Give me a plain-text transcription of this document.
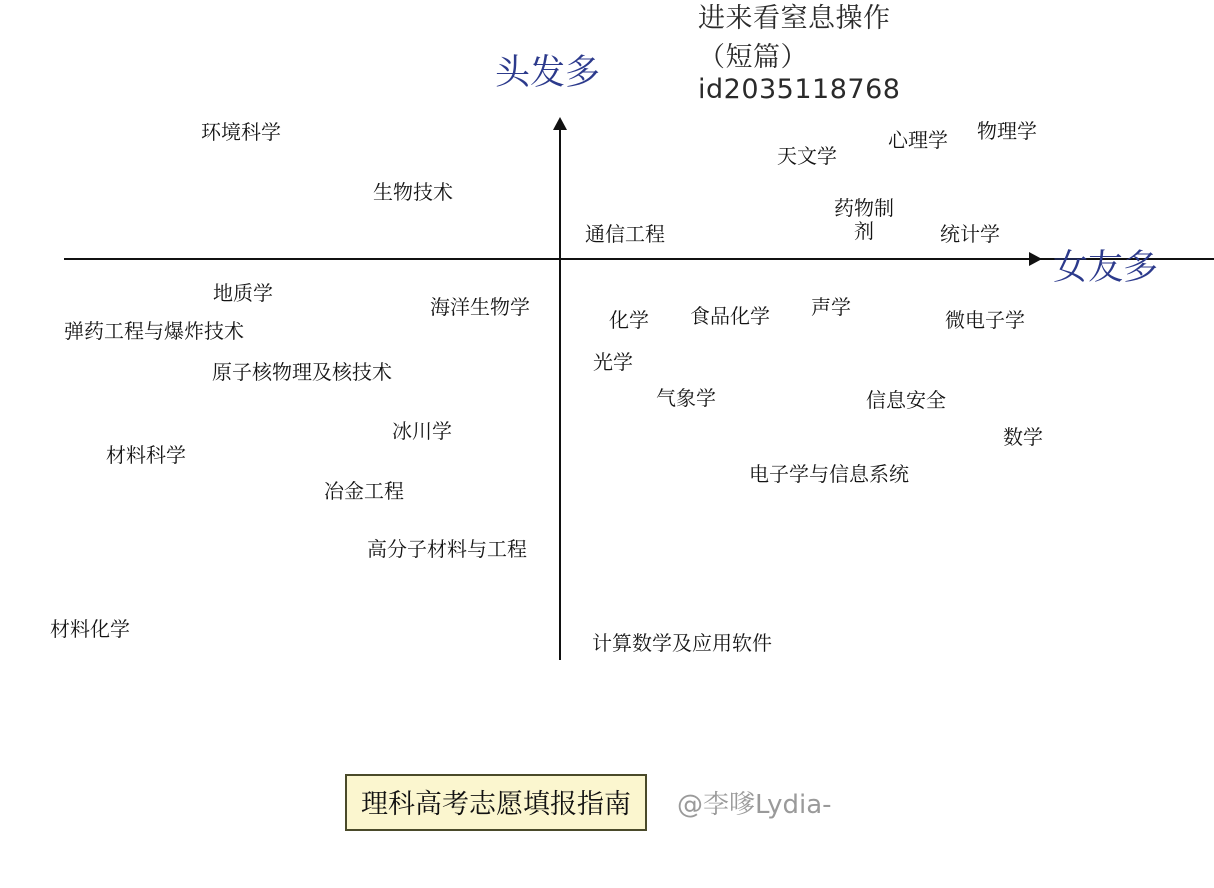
进来看窒息操作
（短篇）
id2035118768
头发多
女友多
环境科学
生物技术
通信工程
天文学
心理学 物理学
药物制剂	统计学
地质学
海洋生物学
弹药工程与爆炸技术
原子核物理及核技术
化学 食品化学 声学
微电子学
光学
气象学	信息安全
冰川学
材料科学
数学
电子学与信息系统
冶金工程
高分子材料与工程
材料化学
计算数学及应用软件
理科高考志愿填报指南	@李嗲Lydia-
